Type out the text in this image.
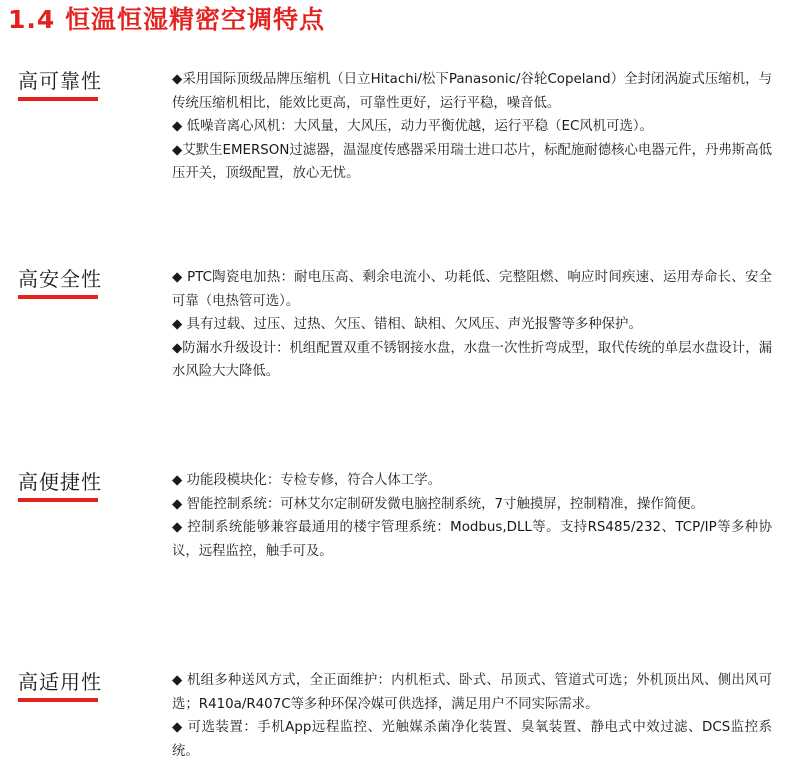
1.4 恒温恒湿精密空调特点
高可靠性	◆采用国际顶级品牌压缩机（日立Hitachi/松下Panasonic/谷轮Copeland）全封闭涡旋式压缩机，与传统压缩机相比，能效比更高，可靠性更好，运行平稳，噪音低。

◆ 低噪音离心风机：大风量，大风压，动力平衡优越，运行平稳（EC风机可选）。

◆艾默生EMERSON过滤器，温湿度传感器采用瑞士进口芯片，标配施耐德核心电器元件，丹弗斯高低压开关，顶级配置，放心无忧。

高安全性	◆ PTC陶瓷电加热：耐电压高、剩余电流小、功耗低、完整阻燃、响应时间疾速、运用寿命长、安全可靠（电热管可选）。

◆ 具有过载、过压、过热、欠压、错相、缺相、欠风压、声光报警等多种保护。

◆防漏水升级设计：机组配置双重不锈钢接水盘，水盘一次性折弯成型，取代传统的单层水盘设计，漏水风险大大降低。

高便捷性	◆ 功能段模块化：专检专修，符合人体工学。

◆ 智能控制系统：可林艾尔定制研发微电脑控制系统，7寸触摸屏，控制精准，操作简便。

◆ 控制系统能够兼容最通用的楼宇管理系统：Modbus,DLL等。支持RS485/232、TCP/IP等多种协议，远程监控，触手可及。

高适用性	◆ 机组多种送风方式，全正面维护：内机柜式、卧式、吊顶式、管道式可选；外机顶出风、侧出风可选；R410a/R407C等多种环保冷媒可供选择，满足用户不同实际需求。

◆ 可选装置：手机App远程监控、光触媒杀菌净化装置、臭氧装置、静电式中效过滤、DCS监控系统。
